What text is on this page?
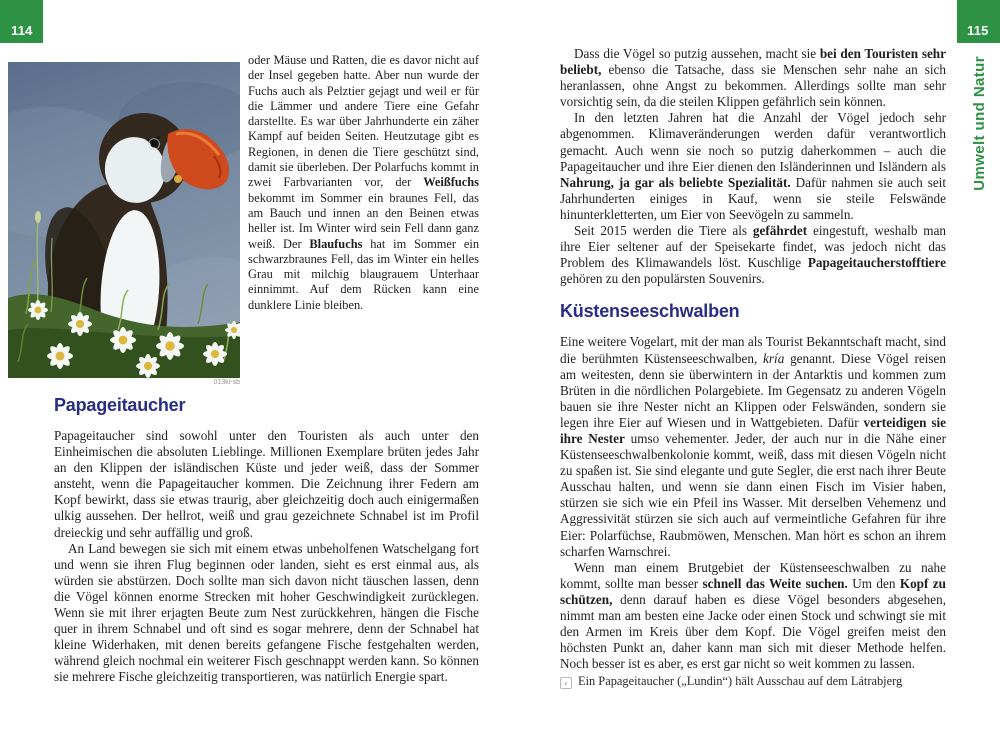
114	115
Umwelt und Natur
013ki-sb
oder Mäuse und Ratten, die es davor nicht auf der Insel gegeben hatte. Aber nun wurde der Fuchs auch als Pelztier gejagt und weil er für die Lämmer und andere Tiere eine Gefahr darstellte. Es war über Jahrhunderte ein zäher Kampf auf beiden Seiten. Heutzutage gibt es Regionen, in denen die Tiere geschützt sind, damit sie überleben. Der Polarfuchs kommt in zwei Farbvarianten vor, der Weißfuchs bekommt im Sommer ein braunes Fell, das am Bauch und innen an den Beinen etwas heller ist. Im Winter wird sein Fell dann ganz weiß. Der Blaufuchs hat im Sommer ein schwarzbraunes Fell, das im Winter ein helles Grau mit milchig blaugrauem Unterhaar einnimmt. Auf dem Rücken kann eine dunklere Linie bleiben.
Papageitaucher

Papageitaucher sind sowohl unter den Touristen als auch unter den Einheimischen die absoluten Lieblinge. Millionen Exemplare brüten jedes Jahr an den Klippen der isländischen Küste und jeder weiß, dass der Sommer ansteht, wenn die Papageitaucher kommen. Die Zeichnung ihrer Federn am Kopf bewirkt, dass sie etwas traurig, aber gleichzeitig doch auch einigermaßen ulkig aussehen. Der hellrot, weiß und grau gezeichnete Schnabel ist im Profil dreieckig und sehr auffällig und groß.

An Land bewegen sie sich mit einem etwas unbeholfenen Watschelgang fort und wenn sie ihren Flug beginnen oder landen, sieht es erst einmal aus, als würden sie abstürzen. Doch sollte man sich davon nicht täuschen lassen, denn die Vögel können enorme Strecken mit hoher Geschwindigkeit zurücklegen. Wenn sie mit ihrer erjagten Beute zum Nest zurückkehren, hängen die Fische quer in ihrem Schnabel und oft sind es sogar mehrere, denn der Schnabel hat kleine Widerhaken, mit denen bereits gefangene Fische festgehalten werden, während gleich nochmal ein weiterer Fisch geschnappt werden kann. So können sie mehrere Fische gleichzeitig transportieren, was natürlich Energie spart.

Dass die Vögel so putzig aussehen, macht sie bei den Touristen sehr beliebt, ebenso die Tatsache, dass sie Menschen sehr nahe an sich heranlassen, ohne Angst zu bekommen. Allerdings sollte man sehr vorsichtig sein, da die steilen Klippen gefährlich sein können.

In den letzten Jahren hat die Anzahl der Vögel jedoch sehr abgenommen. Klimaveränderungen werden dafür verantwortlich gemacht. Auch wenn sie noch so putzig daherkommen – auch die Papageitaucher und ihre Eier dienen den Isländerinnen und Isländern als Nahrung, ja gar als beliebte Spezialität. Dafür nahmen sie auch seit Jahrhunderten einiges in Kauf, wenn sie steile Felswände hinunterkletterten, um Eier von Seevögeln zu sammeln.

Seit 2015 werden die Tiere als gefährdet eingestuft, weshalb man ihre Eier seltener auf der Speisekarte findet, was jedoch nicht das Problem des Klimawandels löst. Kuschlige Papageitaucherstofftiere gehören zu den populärsten Souvenirs.

Küstenseeschwalben

Eine weitere Vogelart, mit der man als Tourist Bekanntschaft macht, sind die berühmten Küstenseeschwalben, kría genannt. Diese Vögel reisen am weitesten, denn sie überwintern in der Antarktis und kommen zum Brüten in die nördlichen Polargebiete. Im Gegensatz zu anderen Vögeln bauen sie ihre Nester nicht an Klippen oder Felswänden, sondern sie legen ihre Eier auf Wiesen und in Wattgebieten. Dafür verteidigen sie ihre Nester umso vehementer. Jeder, der auch nur in die Nähe einer Küstenseeschwalbenkolonie kommt, weiß, dass mit diesen Vögeln nicht zu spaßen ist. Sie sind elegante und gute Segler, die erst nach ihrer Beute Ausschau halten, und wenn sie dann einen Fisch im Visier haben, stürzen sie sich wie ein Pfeil ins Wasser. Mit derselben Vehemenz und Aggressivität stürzen sie sich auch auf vermeintliche Gefahren für ihre Eier: Polarfüchse, Raubmöwen, Menschen. Man hört es schon an ihrem scharfen Warnschrei.

Wenn man einem Brutgebiet der Küstenseeschwalben zu nahe kommt, sollte man besser schnell das Weite suchen. Um den Kopf zu schützen, denn darauf haben es diese Vögel besonders abgesehen, nimmt man am besten eine Jacke oder einen Stock und schwingt sie mit den Armen im Kreis über dem Kopf. Die Vögel greifen meist den höchsten Punkt an, daher kann man sich mit dieser Methode helfen. Noch besser ist es aber, es erst gar nicht so weit kommen zu lassen.

‹ Ein Papageitaucher („Lundin“) hält Ausschau auf dem Látrabjerg
